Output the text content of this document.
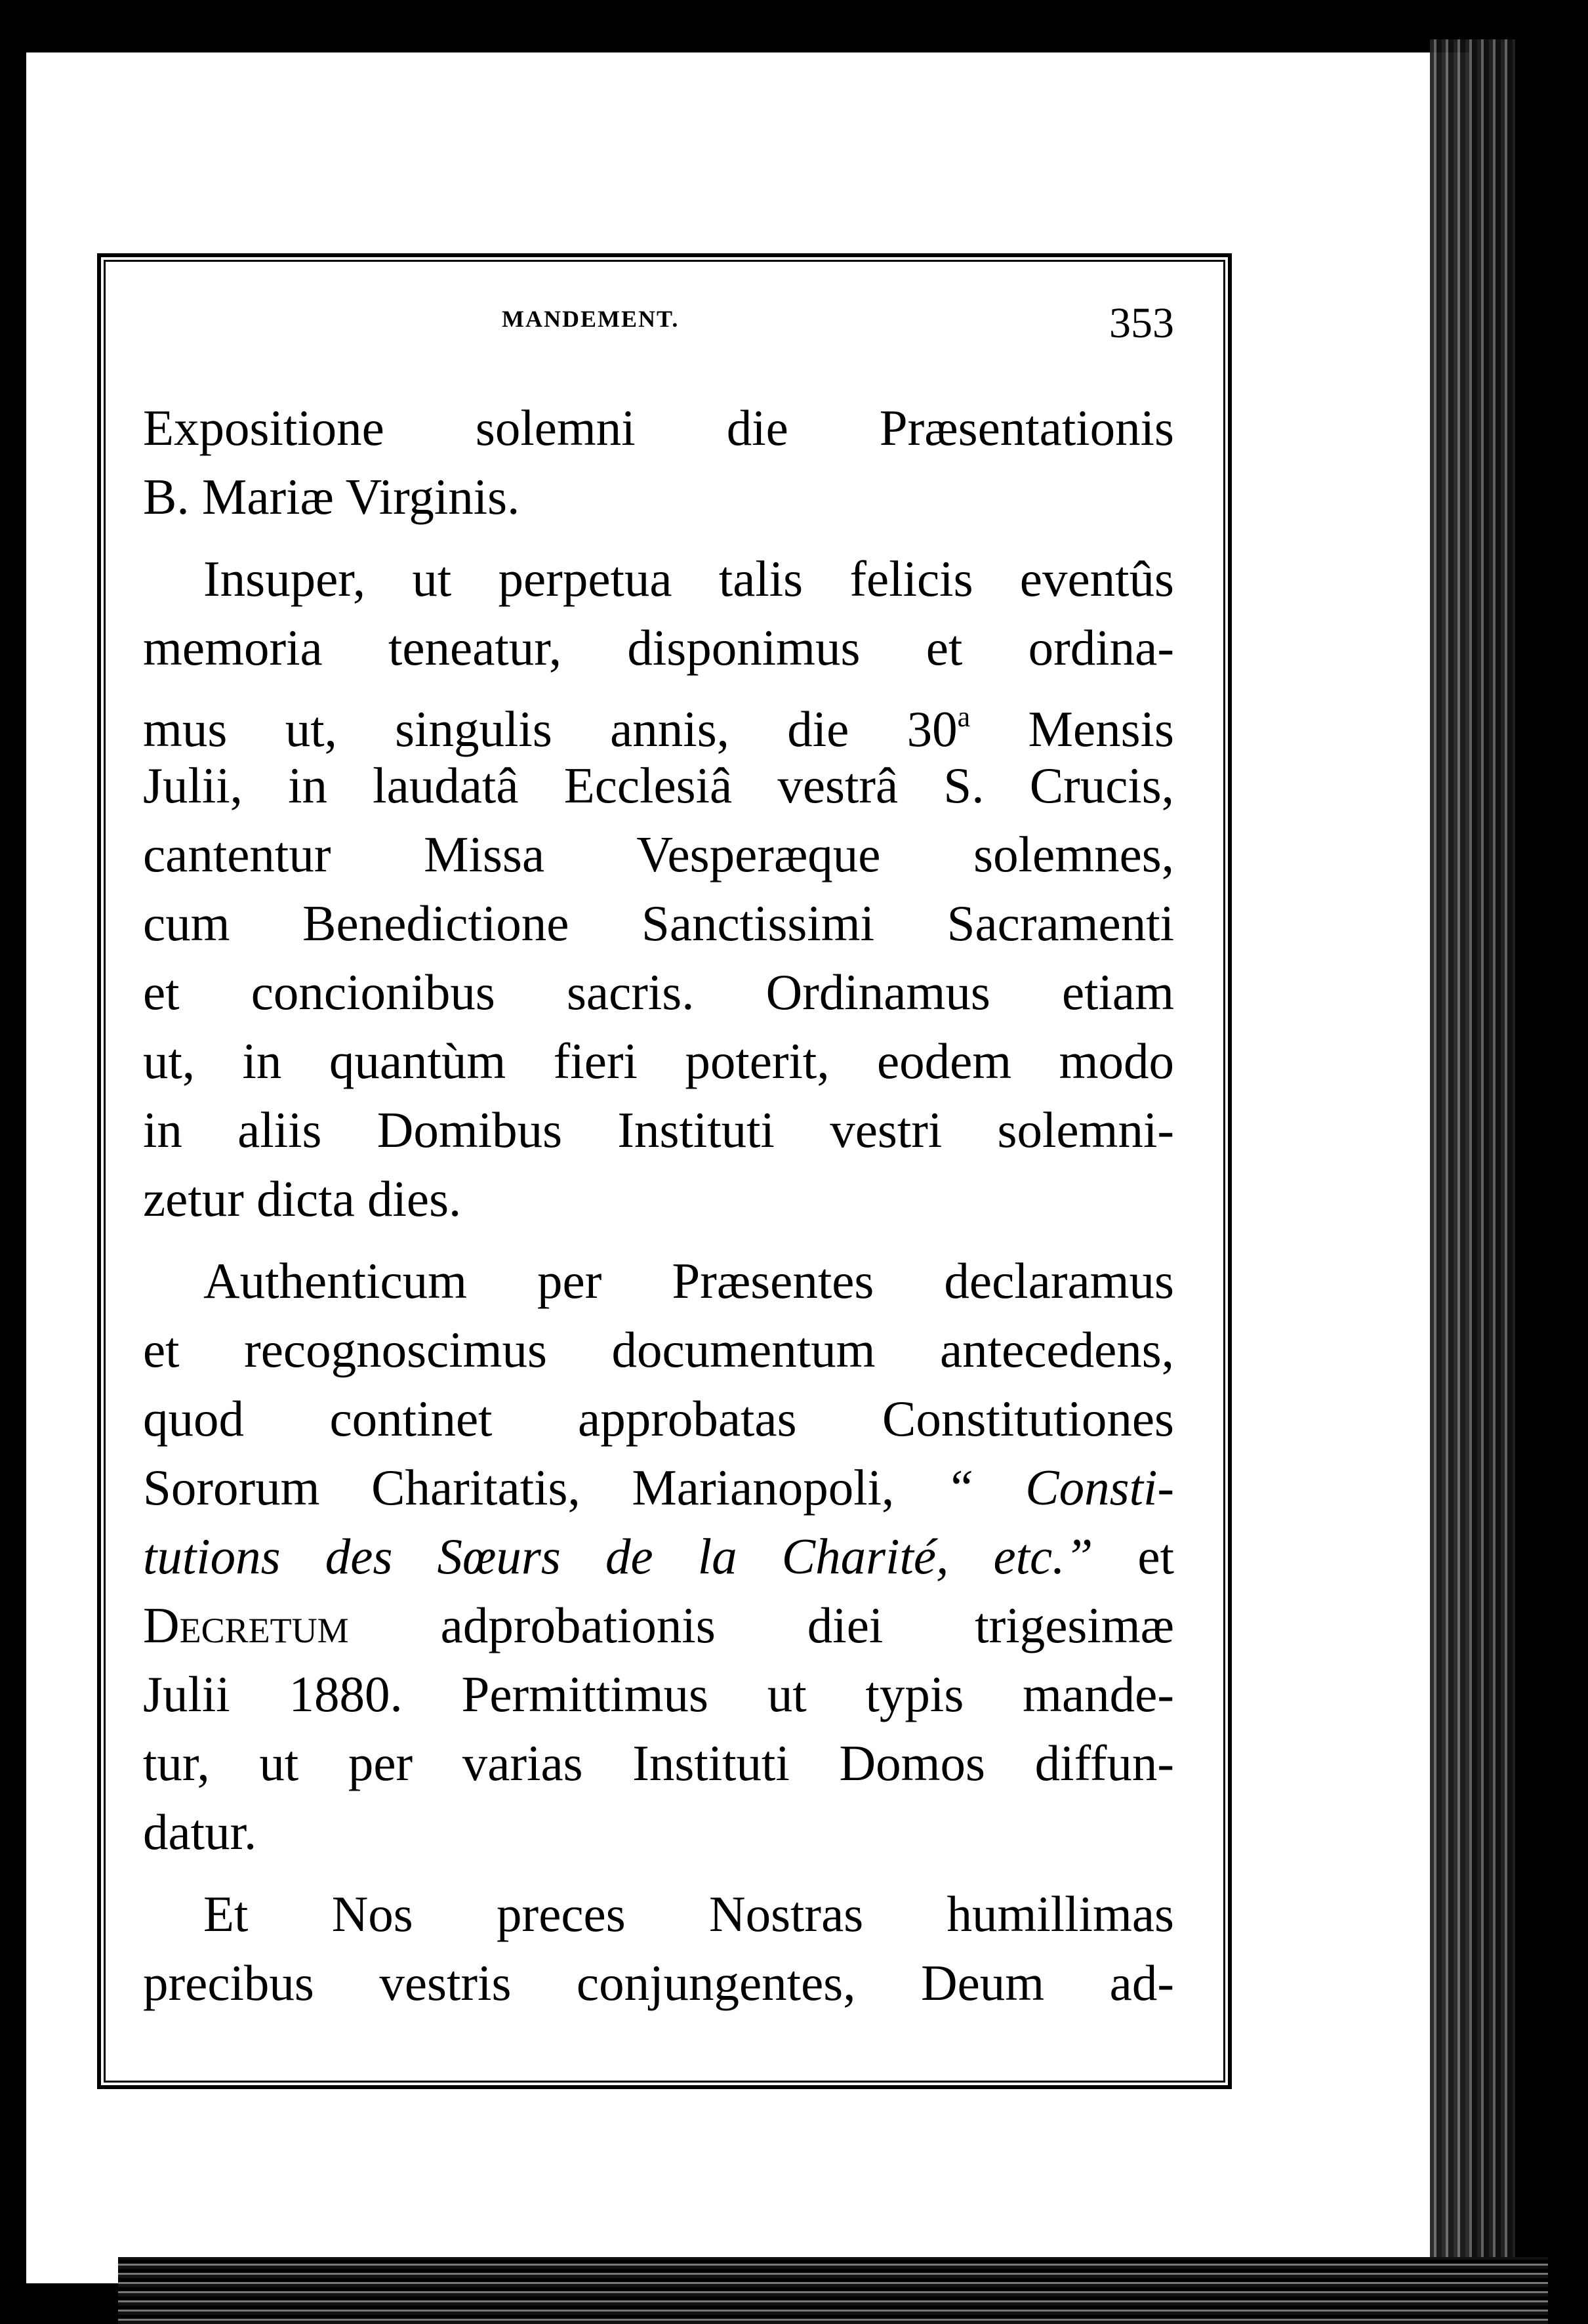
MANDEMENT.	353
Expositione solemni die Præsentationis
B. Mariæ Virginis.
Insuper, ut perpetua talis felicis eventûs
memoria teneatur, disponimus et ordina-
mus ut, singulis annis, die 30$^a$ Mensis
Julii, in laudatâ Ecclesiâ vestrâ S. Crucis,
cantentur Missa Vesperæque solemnes,
cum Benedictione Sanctissimi Sacramenti
et concionibus sacris. Ordinamus etiam
ut, in quantùm fieri poterit, eodem modo
in aliis Domibus Instituti vestri solemni-
zetur dicta dies.
Authenticum per Præsentes declaramus
et recognoscimus documentum antecedens,
quod continet approbatas Constitutiones
Sororum Charitatis, Marianopoli, “ Consti-
tutions des Sœurs de la Charité, etc.” et
Decretum adprobationis diei trigesimæ
Julii 1880. Permittimus ut typis mande-
tur, ut per varias Instituti Domos diffun-
datur.
Et Nos preces Nostras humillimas
precibus vestris conjungentes, Deum ad-
